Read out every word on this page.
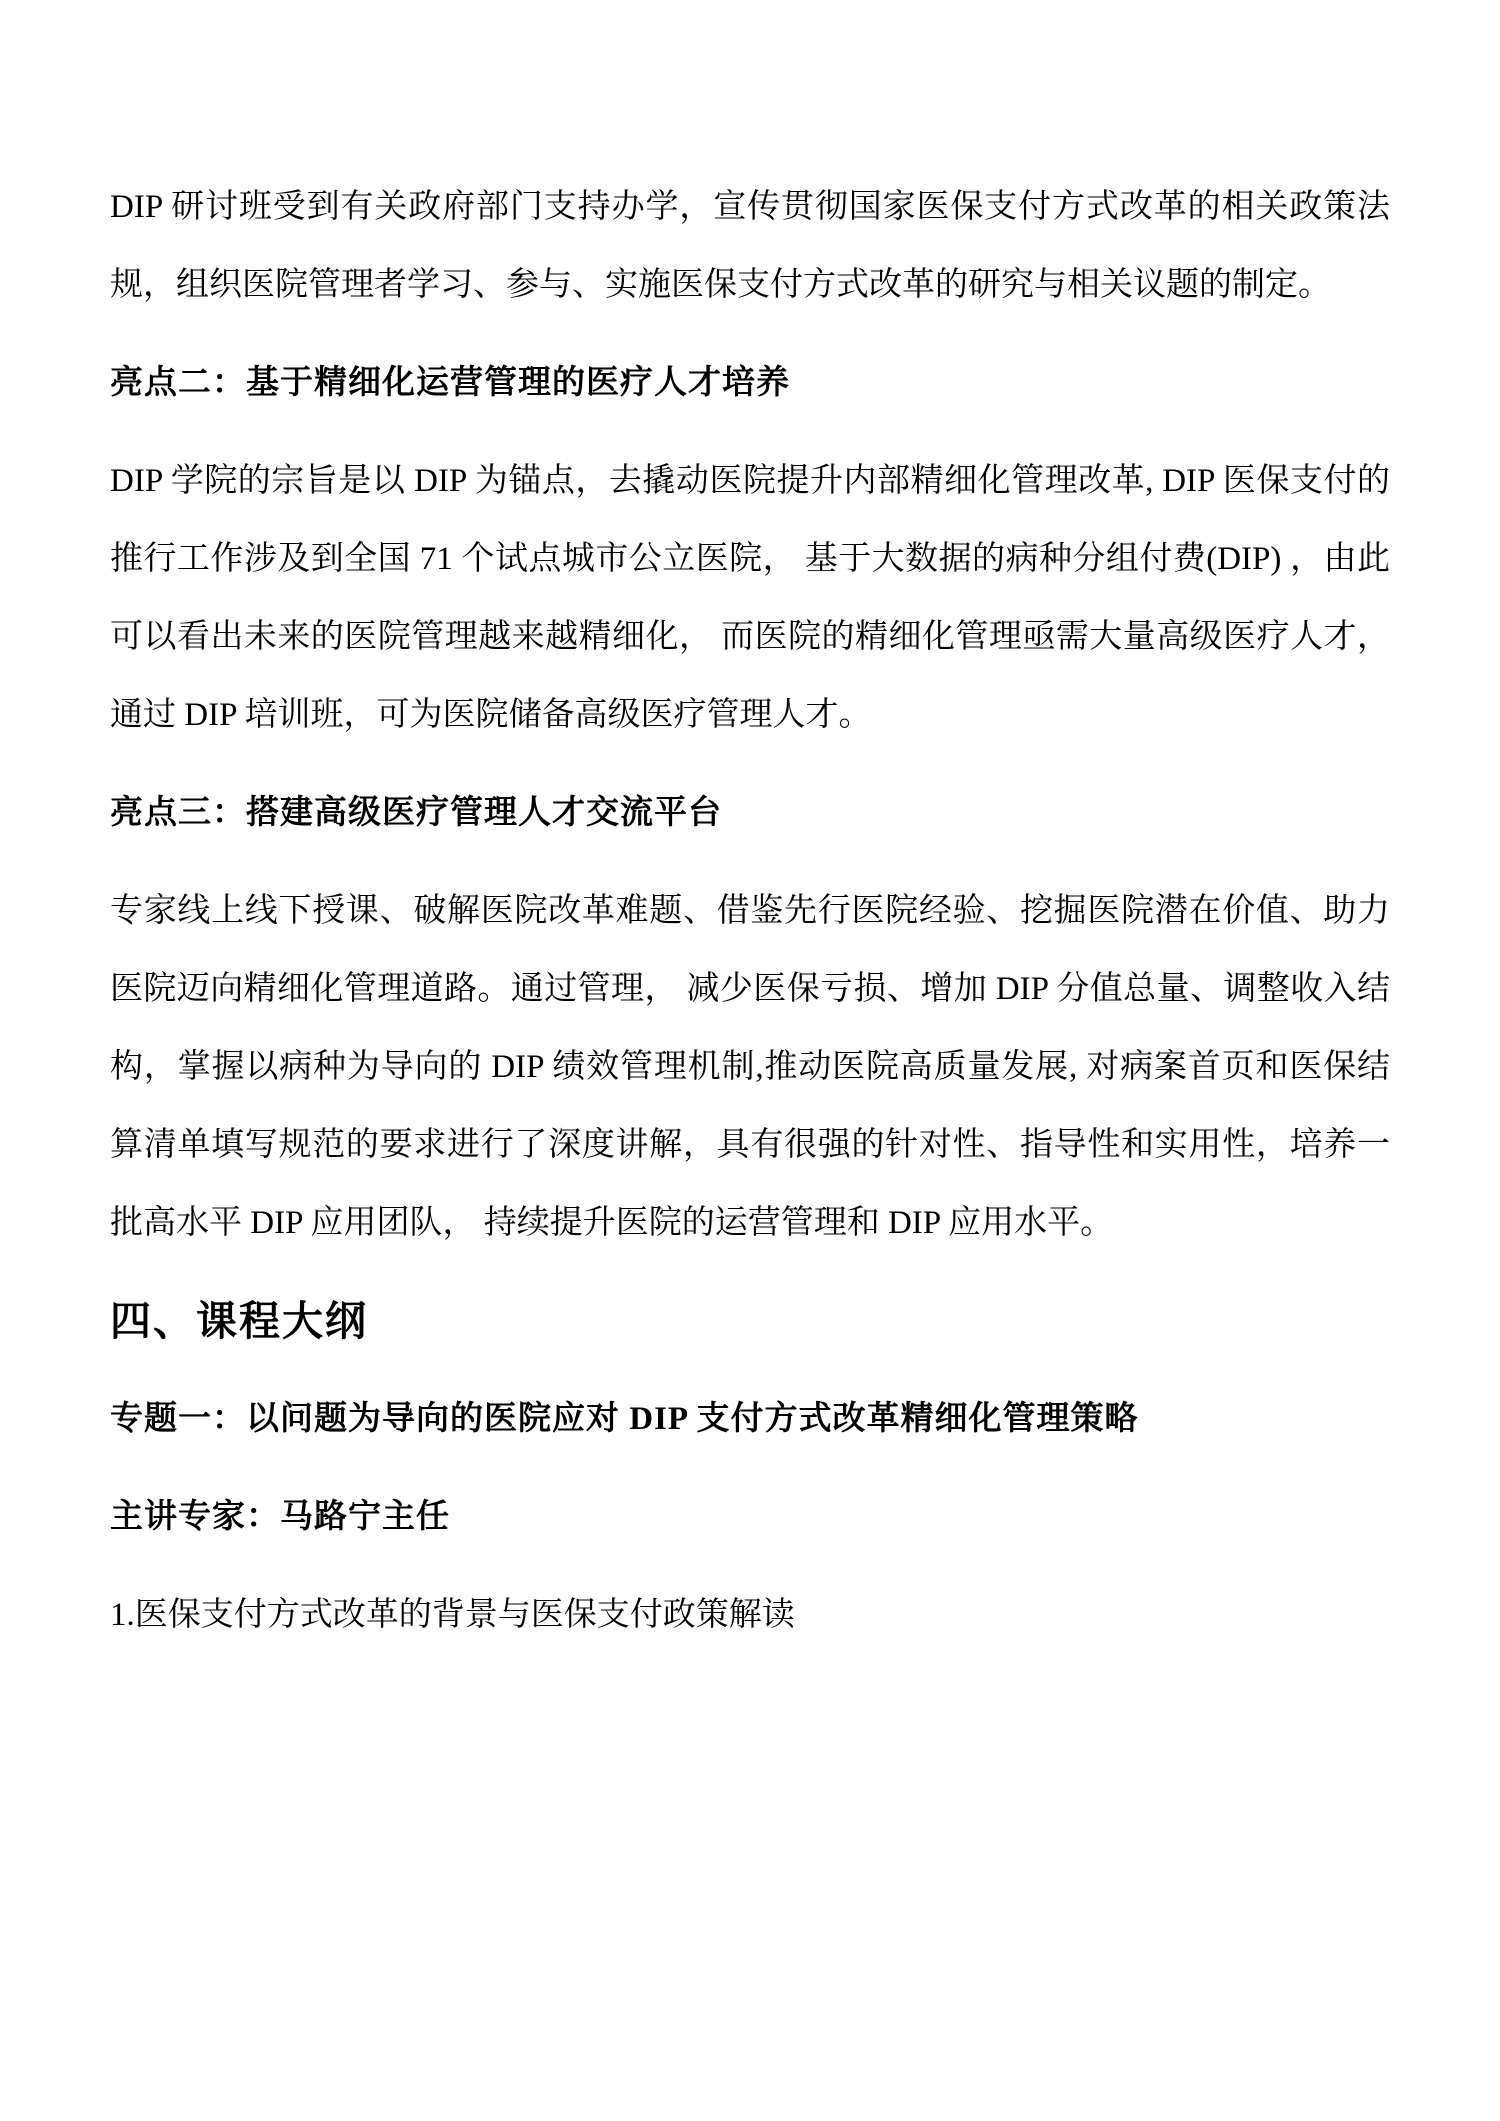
DIP 研讨班受到有关政府部门支持办学，宣传贯彻国家医保支付方式改革的相关政策法规，组织医院管理者学习、参与、实施医保支付方式改革的研究与相关议题的制定。

亮点二：基于精细化运营管理的医疗人才培养

DIP 学院的宗旨是以 DIP 为锚点，去撬动医院提升内部精细化管理改革, DIP 医保支付的推行工作涉及到全国 71 个试点城市公立医院， 基于大数据的病种分组付费(DIP) ，由此可以看出未来的医院管理越来越精细化， 而医院的精细化管理亟需大量高级医疗人才，通过 DIP 培训班，可为医院储备高级医疗管理人才。

亮点三：搭建高级医疗管理人才交流平台

专家线上线下授课、破解医院改革难题、借鉴先行医院经验、挖掘医院潜在价值、助力医院迈向精细化管理道路。通过管理， 减少医保亏损、增加 DIP 分值总量、调整收入结构，掌握以病种为导向的 DIP 绩效管理机制,推动医院高质量发展, 对病案首页和医保结算清单填写规范的要求进行了深度讲解，具有很强的针对性、指导性和实用性，培养一批高水平 DIP 应用团队， 持续提升医院的运营管理和 DIP 应用水平。

四、课程大纲
专题一：以问题为导向的医院应对 DIP 支付方式改革精细化管理策略
主讲专家：马路宁主任

1.医保支付方式改革的背景与医保支付政策解读
